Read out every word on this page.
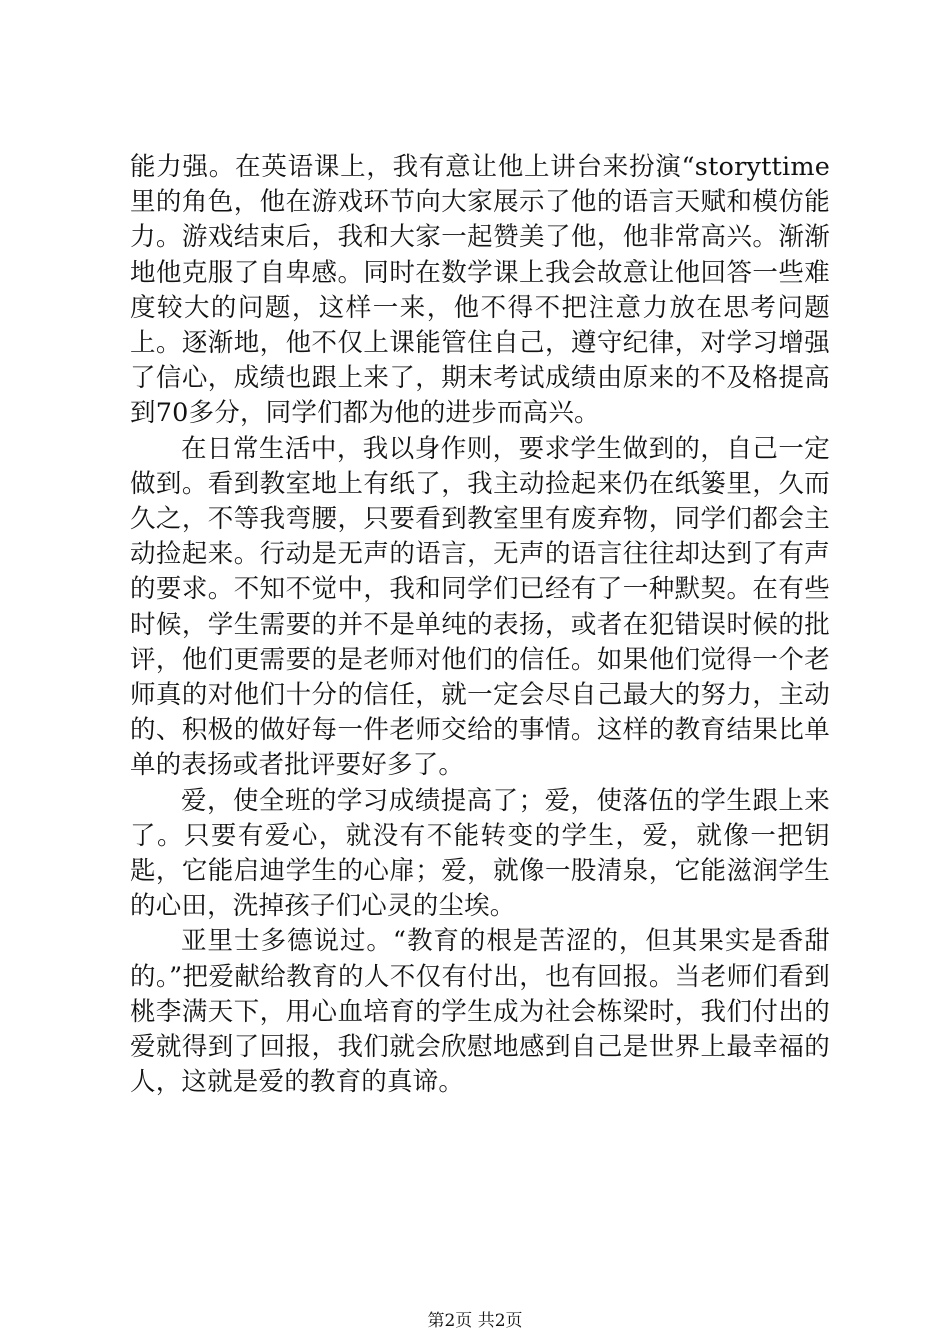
能力强。在英语课上，我有意让他上讲台来扮演“storyttime里的角色，他在游戏环节向大家展示了他的语言天赋和模仿能力。游戏结束后，我和大家一起赞美了他，他非常高兴。渐渐地他克服了自卑感。同时在数学课上我会故意让他回答一些难度较大的问题，这样一来，他不得不把注意力放在思考问题上。逐渐地，他不仅上课能管住自己，遵守纪律，对学习增强了信心，成绩也跟上来了，期末考试成绩由原来的不及格提高到70多分，同学们都为他的进步而高兴。

在日常生活中，我以身作则，要求学生做到的，自己一定做到。看到教室地上有纸了，我主动捡起来仍在纸篓里，久而久之，不等我弯腰，只要看到教室里有废弃物，同学们都会主动捡起来。行动是无声的语言，无声的语言往往却达到了有声的要求。不知不觉中，我和同学们已经有了一种默契。在有些时候，学生需要的并不是单纯的表扬，或者在犯错误时候的批评，他们更需要的是老师对他们的信任。如果他们觉得一个老师真的对他们十分的信任，就一定会尽自己最大的努力，主动的、积极的做好每一件老师交给的事情。这样的教育结果比单单的表扬或者批评要好多了。

爱，使全班的学习成绩提高了；爱，使落伍的学生跟上来了。只要有爱心，就没有不能转变的学生，爱，就像一把钥匙，它能启迪学生的心扉；爱，就像一股清泉，它能滋润学生的心田，洗掉孩子们心灵的尘埃。

亚里士多德说过。“教育的根是苦涩的，但其果实是香甜的。”把爱献给教育的人不仅有付出，也有回报。当老师们看到桃李满天下，用心血培育的学生成为社会栋梁时，我们付出的爱就得到了回报，我们就会欣慰地感到自己是世界上最幸福的人，这就是爱的教育的真谛。

第2页 共2页
